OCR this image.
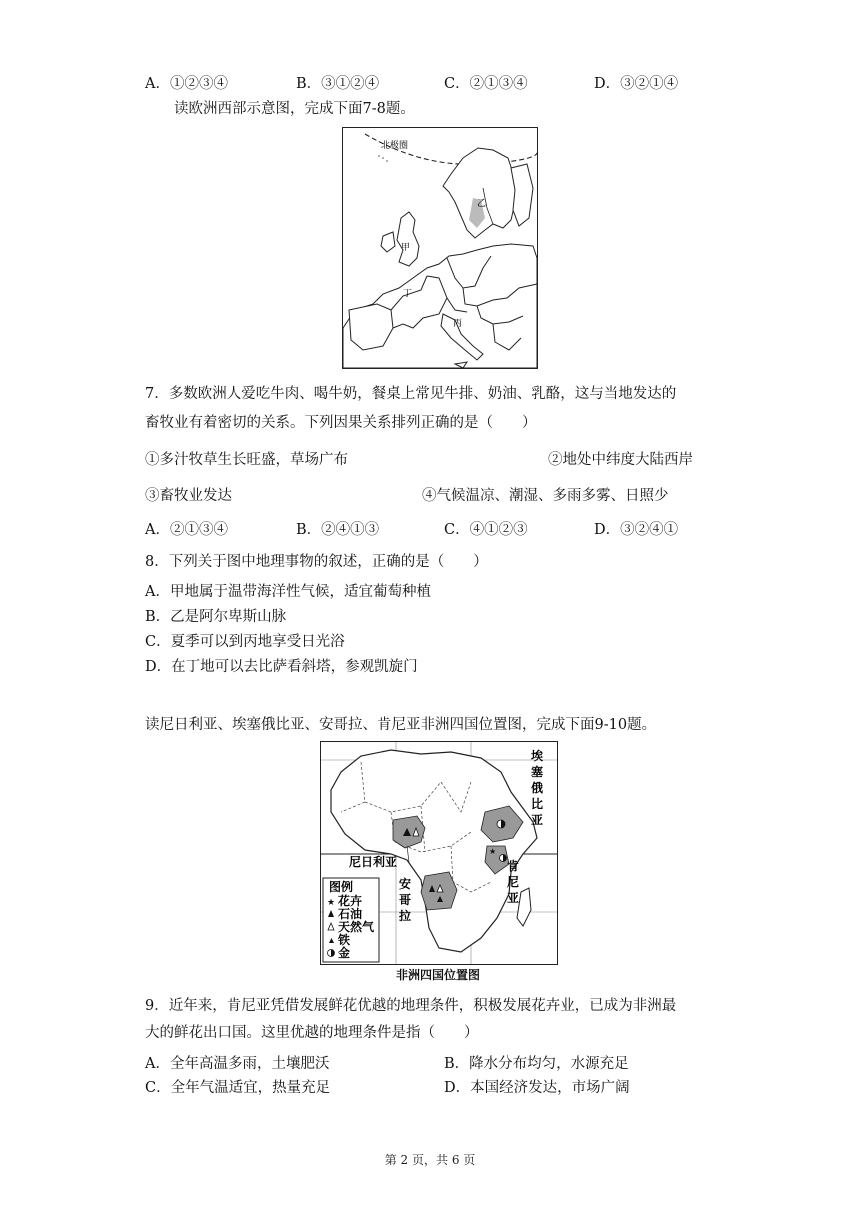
A．①②③④	B．③①②④	C．②①③④	D．③②①④
读欧洲西部示意图，完成下面7-8题。
北极圈
乙
甲
丙
丁
7．多数欧洲人爱吃牛肉、喝牛奶，餐桌上常见牛排、奶油、乳酪，这与当地发达的
畜牧业有着密切的关系。下列因果关系排列正确的是（　　）
①多汁牧草生长旺盛，草场广布	②地处中纬度大陆西岸
③畜牧业发达	④气候温凉、潮湿、多雨多雾、日照少
A．②①③④	B．②④①③	C．④①②③	D．③②④①
8．下列关于图中地理事物的叙述，正确的是（　　）
A．甲地属于温带海洋性气候，适宜葡萄种植
B．乙是阿尔卑斯山脉
C．夏季可以到丙地享受日光浴
D．在丁地可以去比萨看斜塔，参观凯旋门
读尼日利亚、埃塞俄比亚、安哥拉、肯尼亚非洲四国位置图，完成下面9-10题。
★
尼日利亚
安
哥
拉
埃
塞
俄
比
亚
肯
尼
亚
图例
★ 花卉
石油
天然气
铁
金
非洲四国位置图
9．近年来，肯尼亚凭借发展鲜花优越的地理条件，积极发展花卉业，已成为非洲最
大的鲜花出口国。这里优越的地理条件是指（　　）
A．全年高温多雨，土壤肥沃	B．降水分布均匀，水源充足
C．全年气温适宜，热量充足	D．本国经济发达，市场广阔
第 2 页，共 6 页
